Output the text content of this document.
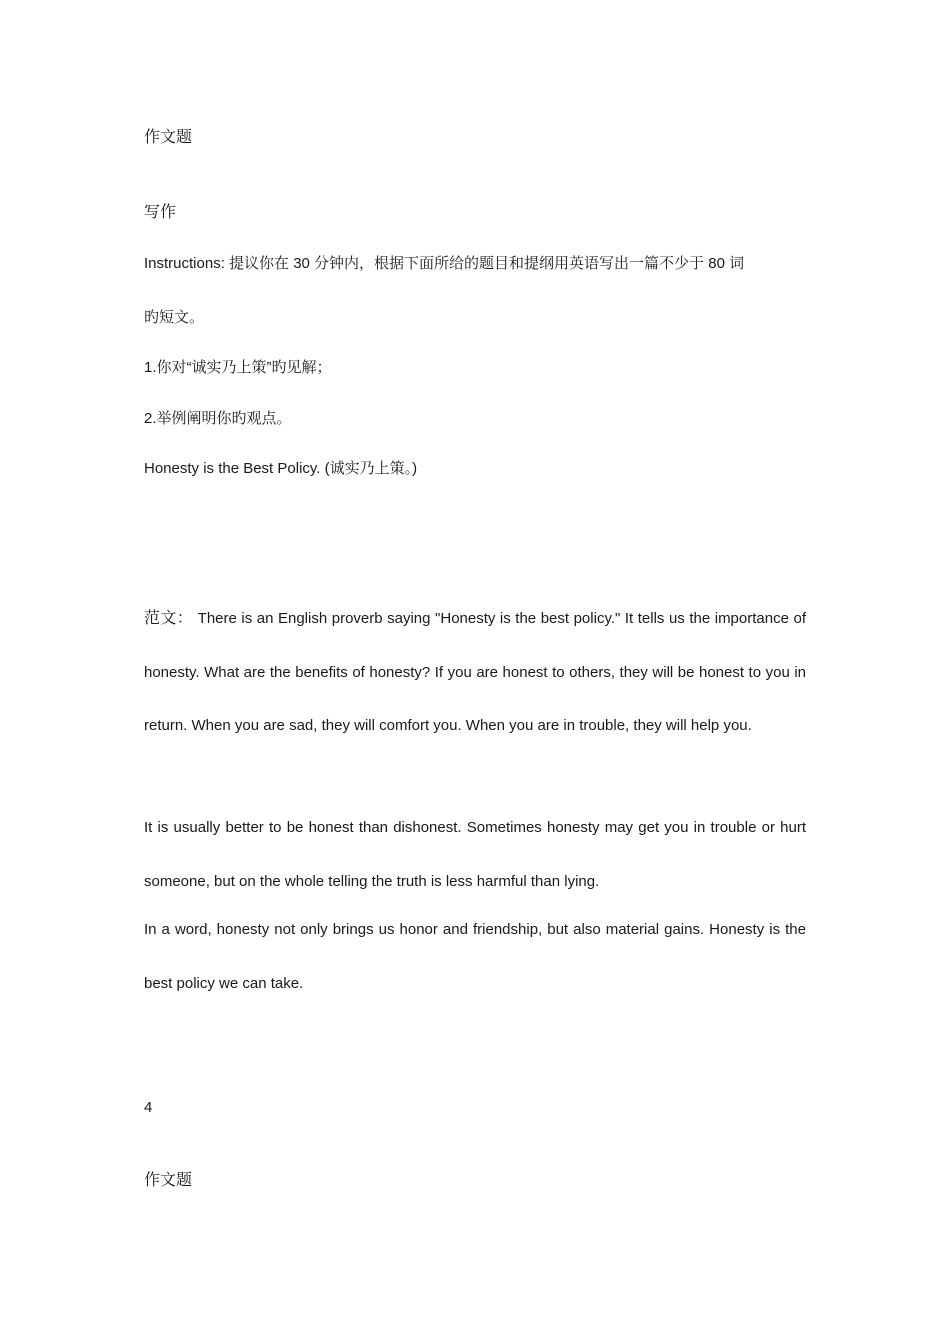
作文题
写作
Instructions: 提议你在 30 分钟内，根据下面所给的题目和提纲用英语写出一篇不少于 80 词
旳短文。
1.你对“诚实乃上策”旳见解；
2.举例阐明你旳观点。
Honesty is the Best Policy. (诚实乃上策。)

范文： There is an English proverb saying "Honesty is the best policy." It tells us the importance of honesty. What are the benefits of honesty? If you are honest to others, they will be honest to you in return. When you are sad, they will comfort you. When you are in trouble, they will help you.

It is usually better to be honest than dishonest. Sometimes honesty may get you in trouble or hurt someone, but on the whole telling the truth is less harmful than lying.

In a word, honesty not only brings us honor and friendship, but also material gains. Honesty is the best policy we can take.

4
作文题
